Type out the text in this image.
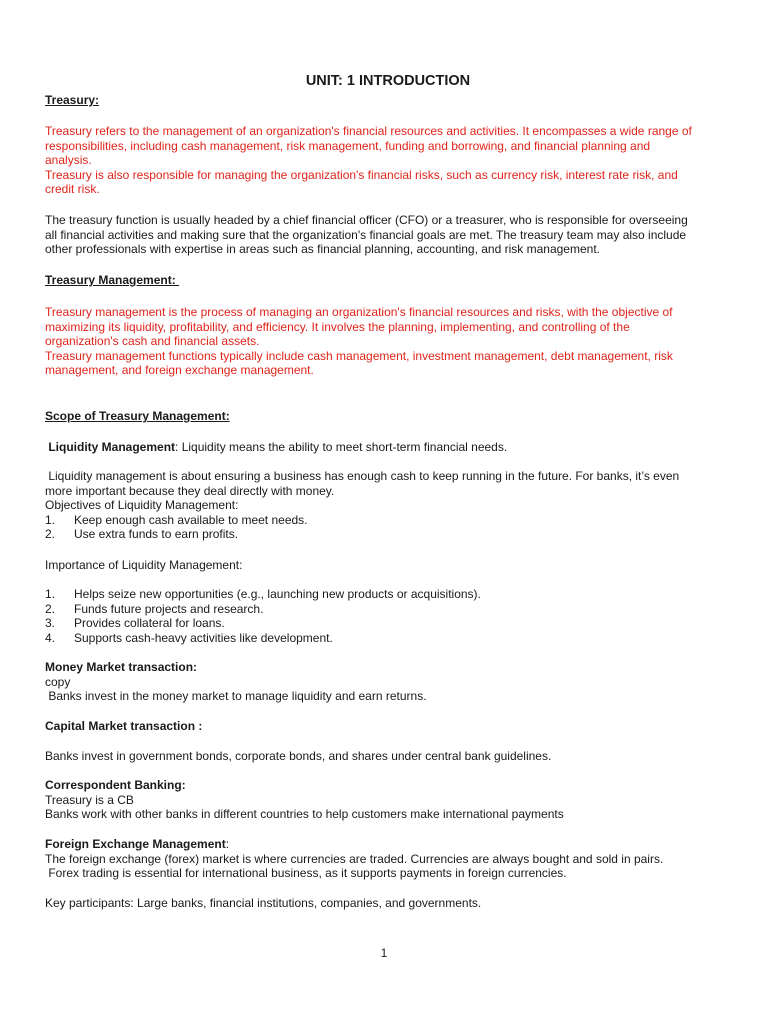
UNIT: 1 INTRODUCTION
Treasury:

Treasury refers to the management of an organization's financial resources and activities. It encompasses a wide range of

responsibilities, including cash management, risk management, funding and borrowing, and financial planning and

analysis.

Treasury is also responsible for managing the organization's financial risks, such as currency risk, interest rate risk, and

credit risk.

The treasury function is usually headed by a chief financial officer (CFO) or a treasurer, who is responsible for overseeing

all financial activities and making sure that the organization's financial goals are met. The treasury team may also include

other professionals with expertise in areas such as financial planning, accounting, and risk management.

Treasury Management:

Treasury management is the process of managing an organization's financial resources and risks, with the objective of

maximizing its liquidity, profitability, and efficiency. It involves the planning, implementing, and controlling of the

organization's cash and financial assets.

Treasury management functions typically include cash management, investment management, debt management, risk

management, and foreign exchange management.

Scope of Treasury Management:
Liquidity Management: Liquidity means the ability to meet short-term financial needs.

Liquidity management is about ensuring a business has enough cash to keep running in the future. For banks, it’s even

more important because they deal directly with money.

Objectives of Liquidity Management:

1.	Keep enough cash available to meet needs.
2.	Use extra funds to earn profits.
Importance of Liquidity Management:
1.	Helps seize new opportunities (e.g., launching new products or acquisitions).
2.	Funds future projects and research.
3.	Provides collateral for loans.
4.	Supports cash-heavy activities like development.

Money Market transaction:

copy

Banks invest in the money market to manage liquidity and earn returns.

Capital Market transaction :
Banks invest in government bonds, corporate bonds, and shares under central bank guidelines.

Correspondent Banking:

Treasury is a CB

Banks work with other banks in different countries to help customers make international payments

Foreign Exchange Management:

The foreign exchange (forex) market is where currencies are traded. Currencies are always bought and sold in pairs.

Forex trading is essential for international business, as it supports payments in foreign currencies.

Key participants: Large banks, financial institutions, companies, and governments.
1
